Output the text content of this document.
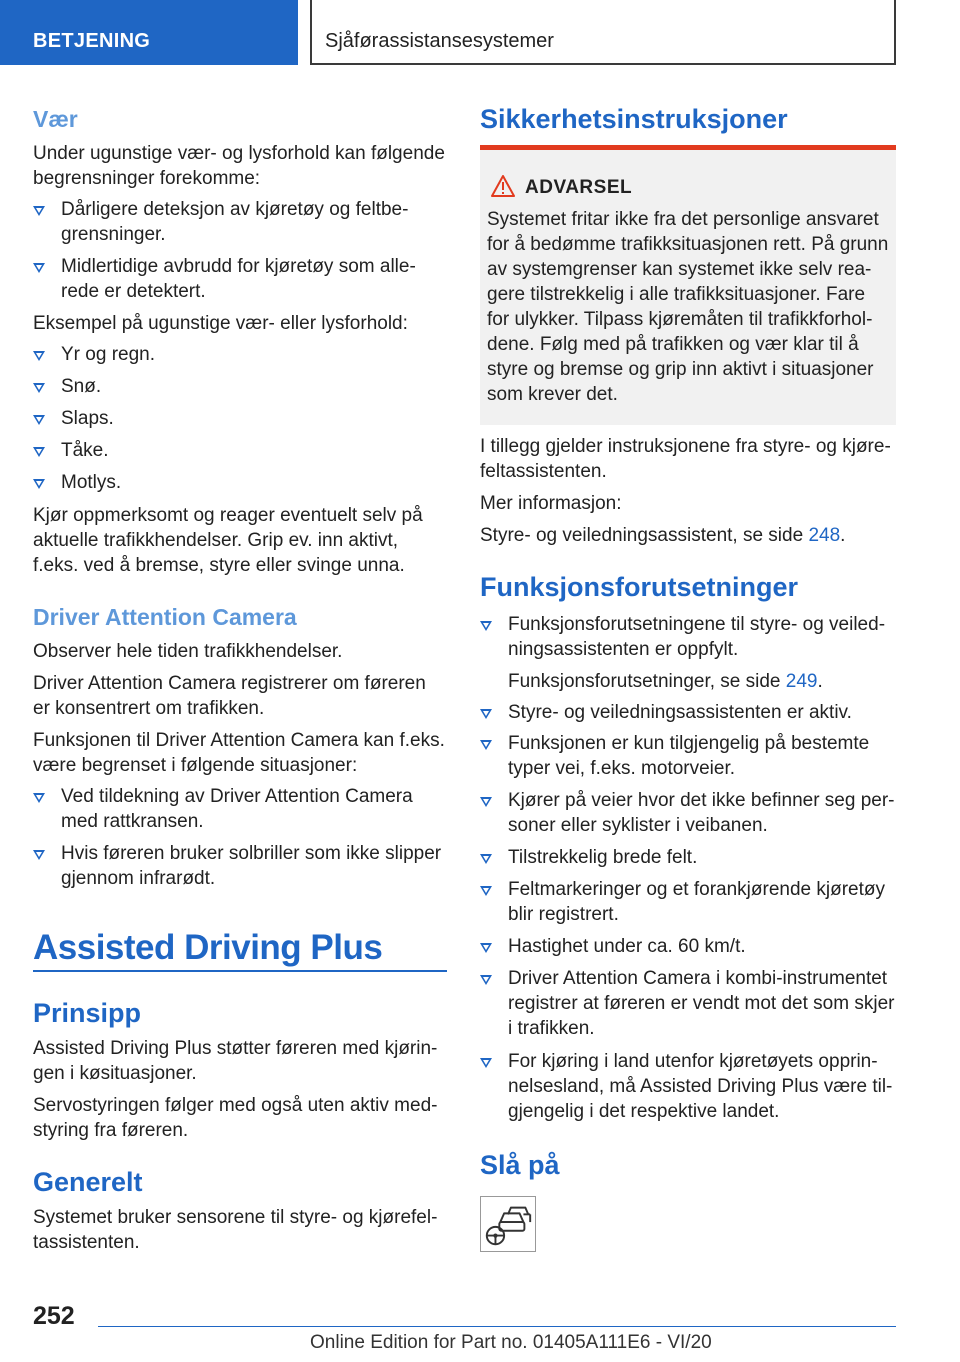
BETJENING	Sjåførassistansesystemer
Vær

Under ugunstige vær- og lysforhold kan følgende begrensninger forekomme:

Dårligere deteksjon av kjøretøy og feltbe- grensninger.
Midlertidige avbrudd for kjøretøy som alle- rede er detektert.

Eksempel på ugunstige vær- eller lysforhold:

Yr og regn.
Snø.
Slaps.
Tåke.
Motlys.

Kjør oppmerksomt og reager eventuelt selv på aktuelle trafikkhendelser. Grip ev. inn aktivt, f.eks. ved å bremse, styre eller svinge unna.

Driver Attention Camera

Observer hele tiden trafikkhendelser.

Driver Attention Camera registrerer om føreren er konsentrert om trafikken.

Funksjonen til Driver Attention Camera kan f.eks. være begrenset i følgende situasjoner:

Ved tildekning av Driver Attention Camera med rattkransen.
Hvis føreren bruker solbriller som ikke slipper gjennom infrarødt.
Assisted Driving Plus
Prinsipp

Assisted Driving Plus støtter føreren med kjørin- gen i køsituasjoner.

Servostyringen følger med også uten aktiv med- styring fra føreren.

Generelt

Systemet bruker sensorene til styre- og kjørefel- tassistenten.

Sikkerhetsinstruksjoner
ADVARSEL

Systemet fritar ikke fra det personlige ansvaret for å bedømme trafikksituasjonen rett. På grunn av systemgrenser kan systemet ikke selv rea- gere tilstrekkelig i alle trafikksituasjoner. Fare for ulykker. Tilpass kjøremåten til trafikkforhol- dene. Følg med på trafikken og vær klar til å styre og bremse og grip inn aktivt i situasjoner som krever det.

I tillegg gjelder instruksjonene fra styre- og kjøre- feltassistenten.

Mer informasjon:

Styre- og veiledningsassistent, se side 248.

Funksjonsforutsetninger
Funksjonsforutsetningene til styre- og veiled- ningsassistenten er oppfylt.
Funksjonsforutsetninger, se side 249.
Styre- og veiledningsassistenten er aktiv.
Funksjonen er kun tilgjengelig på bestemte typer vei, f.eks. motorveier.
Kjører på veier hvor det ikke befinner seg per- soner eller syklister i veibanen.
Tilstrekkelig brede felt.
Feltmarkeringer og et forankjørende kjøretøy blir registrert.
Hastighet under ca. 60 km/t.
Driver Attention Camera i kombi-instrumentet registrer at føreren er vendt mot det som skjer i trafikken.
For kjøring i land utenfor kjøretøyets opprin- nelsesland, må Assisted Driving Plus være til- gjengelig i det respektive landet.
Slå på
252
Online Edition for Part no. 01405A111E6 - VI/20
